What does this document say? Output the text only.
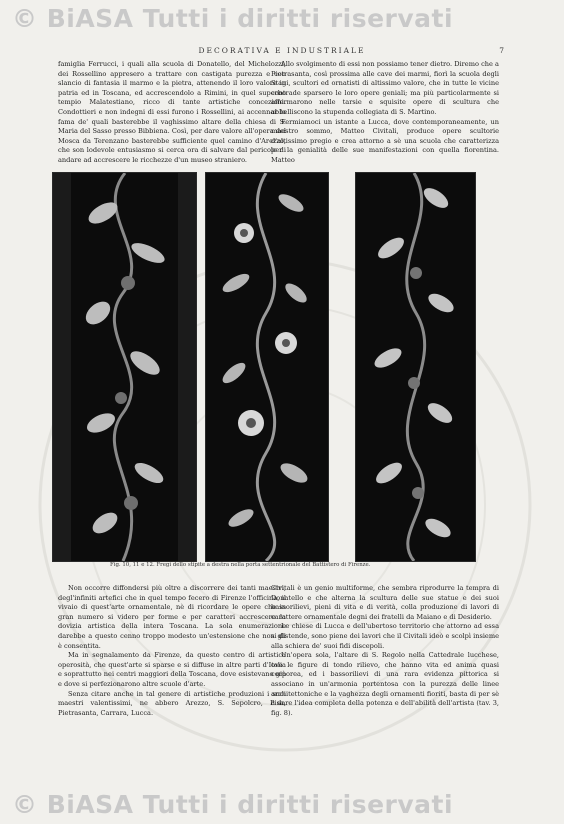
© BiASA Tutti i diritti riservati
DECORATIVA E INDUSTRIALE	7

famiglia Ferrucci, i quali alla scuola di Donatello, del Michelozzi, dei Rossellino appresero a trattare con castigata purezza e con slancio di fantasia il marmo e la pietra, attenendo il loro valore in patria ed in Toscana, ed accrescendolo a Rimini, in quel superbo tempio Malatestiano, ricco di tante artistiche concezioni. Condottieri e non indegni di essi furono i Rossellini, ai accennar la fama de' quali basterebbe il vaghissimo altare della chiesa di S. Maria del Sasso presso Bibbiena. Così, per dare valore all'opera del Mosca da Terenzano basterebbe sufficiente quel camino d'Arezzo, che son lodevole entusiasmo si cerca ora di salvare dal pericolo di andare ad accrescere le ricchezze d'un museo straniero.

Allo svolgimento di essi non possiamo tener dietro. Diremo che a Pietrasanta, così prossima alle cave dei marmi, fiorì la scuola degli Stagi, scultori ed ornatisti di altissimo valore, che in tutte le vicine contrade sparsero le loro opere geniali; ma più particolarmente si affermarono nelle tarsie e squisite opere di scultura che abbelliscono la stupenda collegiata di S. Martino.

Fermiamoci un istante a Lucca, dove contemporaneamente, un maestro sommo, Matteo Civitali, produce opere scultorie d'altissimo pregio e crea attorno a sè una scuola che caratterizza per la genialità delle sue manifestazioni con quella fiorentina. Matteo

Fig. 10, 11 e 12. Fregi dello stipite a destra nella porta settentrionale del Battistero di Firenze.

Non occorre diffondersi più oltre a discorrere dei tanti maestri, degl'infiniti artefici che in quel tempo fecero di Firenze l'officina, il vivaio di quest'arte ornamentale, nè di ricordare le opere che in gran numero si videro per forme e per caratteri accrescere la dovizia artistica della intera Toscana. La sola enumerazione darebbe a questo cenno troppo modesto un'estensione che non gli è consentita.

Ma in segnalamento da Firenze, da questo centro di artistica operosità, che quest'arte si sparse e si diffuse in altre parti d'Italia e soprattutto nei centri maggiori della Toscana, dove esistevano già e dove si perfezionarono altre scuole d'arte.

Senza citare anche in tal genere di artistiche produzioni i suoi maestri valentissimi, ne abbero Arezzo, S. Sepolcro, Pisa, Pietrasanta, Carrara, Lucca.

Civitali è un genio multiforme, che sembra riprodurre la tempra di Donatello e che alterna la scultura delle sue statue e dei suoi bassorilievi, pieni di vita e di verità, colla produzione di lavori di carattere ornamentale degni dei fratelli da Maiano e di Desiderio.

Le chiese di Lucca e dell'ubertoso territorio che attorno ad essa si distende, sono piene dei lavori che il Civitali ideò e scolpì insieme alla schiera de' suoi fidi discepoli.

Un'opera sola, l'altare di S. Regolo nella Cattedrale lucchese, ove le figure di tondo rilievo, che hanno vita ed anima quasi corporea, ed i bassorilievi di una rara evidenza pittorica si associano in un'armonia portentosa con la purezza delle linee architettoniche e la vaghezza degli ornamenti fioriti, basta di per sè a dare l'idea completa della potenza e dell'abilità dell'artista (tav. 3, fig. 8).

© BiASA Tutti i diritti riservati
